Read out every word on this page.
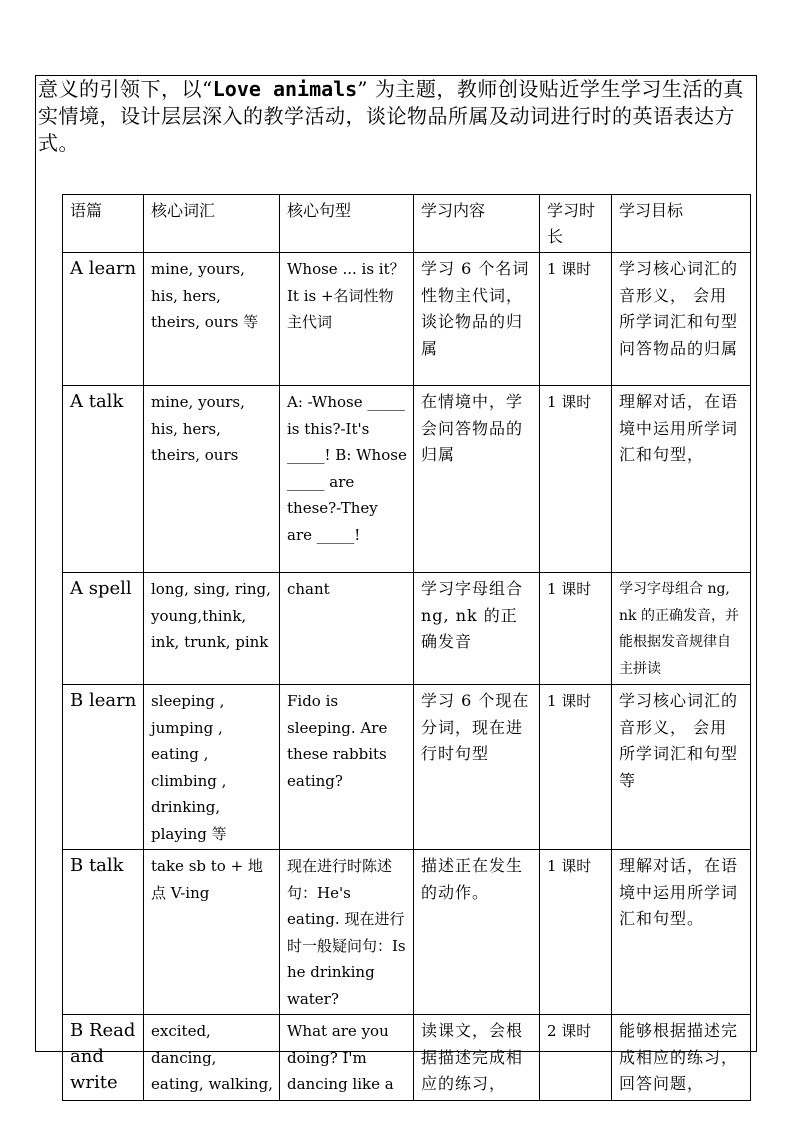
意义的引领下，以“Love animals” 为主题，教师创设贴近学生学习生活的真实情境，设计层层深入的教学活动，谈论物品所属及动词进行时的英语表达方式。
语篇	核心词汇	核心句型	学习内容	学习时长	学习目标
A learn	mine, yours, his, hers, theirs, ours 等	Whose ... is it？It is +名词性物主代词	学习 6 个名词性物主代词，谈论物品的归属	1 课时	学习核心词汇的音形义， 会用所学词汇和句型问答物品的归属
A talk	mine, yours, his, hers, theirs, ours	A: -Whose _____ is this?-It's _____! B: Whose _____ are these?-They are _____!	在情境中，学会问答物品的归属	1 课时	理解对话，在语境中运用所学词汇和句型，
A spell	long, sing, ring, young,think, ink, trunk, pink	chant	学习字母组合 ng, nk 的正确发音	1 课时	学习字母组合 ng, nk 的正确发音，并能根据发音规律自主拼读
B learn	sleeping , jumping , eating , climbing , drinking, playing 等	Fido is sleeping. Are these rabbits eating?	学习 6 个现在分词，现在进行时句型	1 课时	学习核心词汇的音形义， 会用所学词汇和句型等
B talk	take sb to + 地点 V-ing	现在进行时陈述句：He's eating. 现在进行时一般疑问句：Is he drinking water?	描述正在发生的动作。	1 课时	理解对话，在语境中运用所学词汇和句型。
B Read and write	excited, dancing, eating, walking,	What are you doing? I'm dancing like a	读课文，会根据描述完成相应的练习，	2 课时	能够根据描述完成相应的练习，回答问题，
